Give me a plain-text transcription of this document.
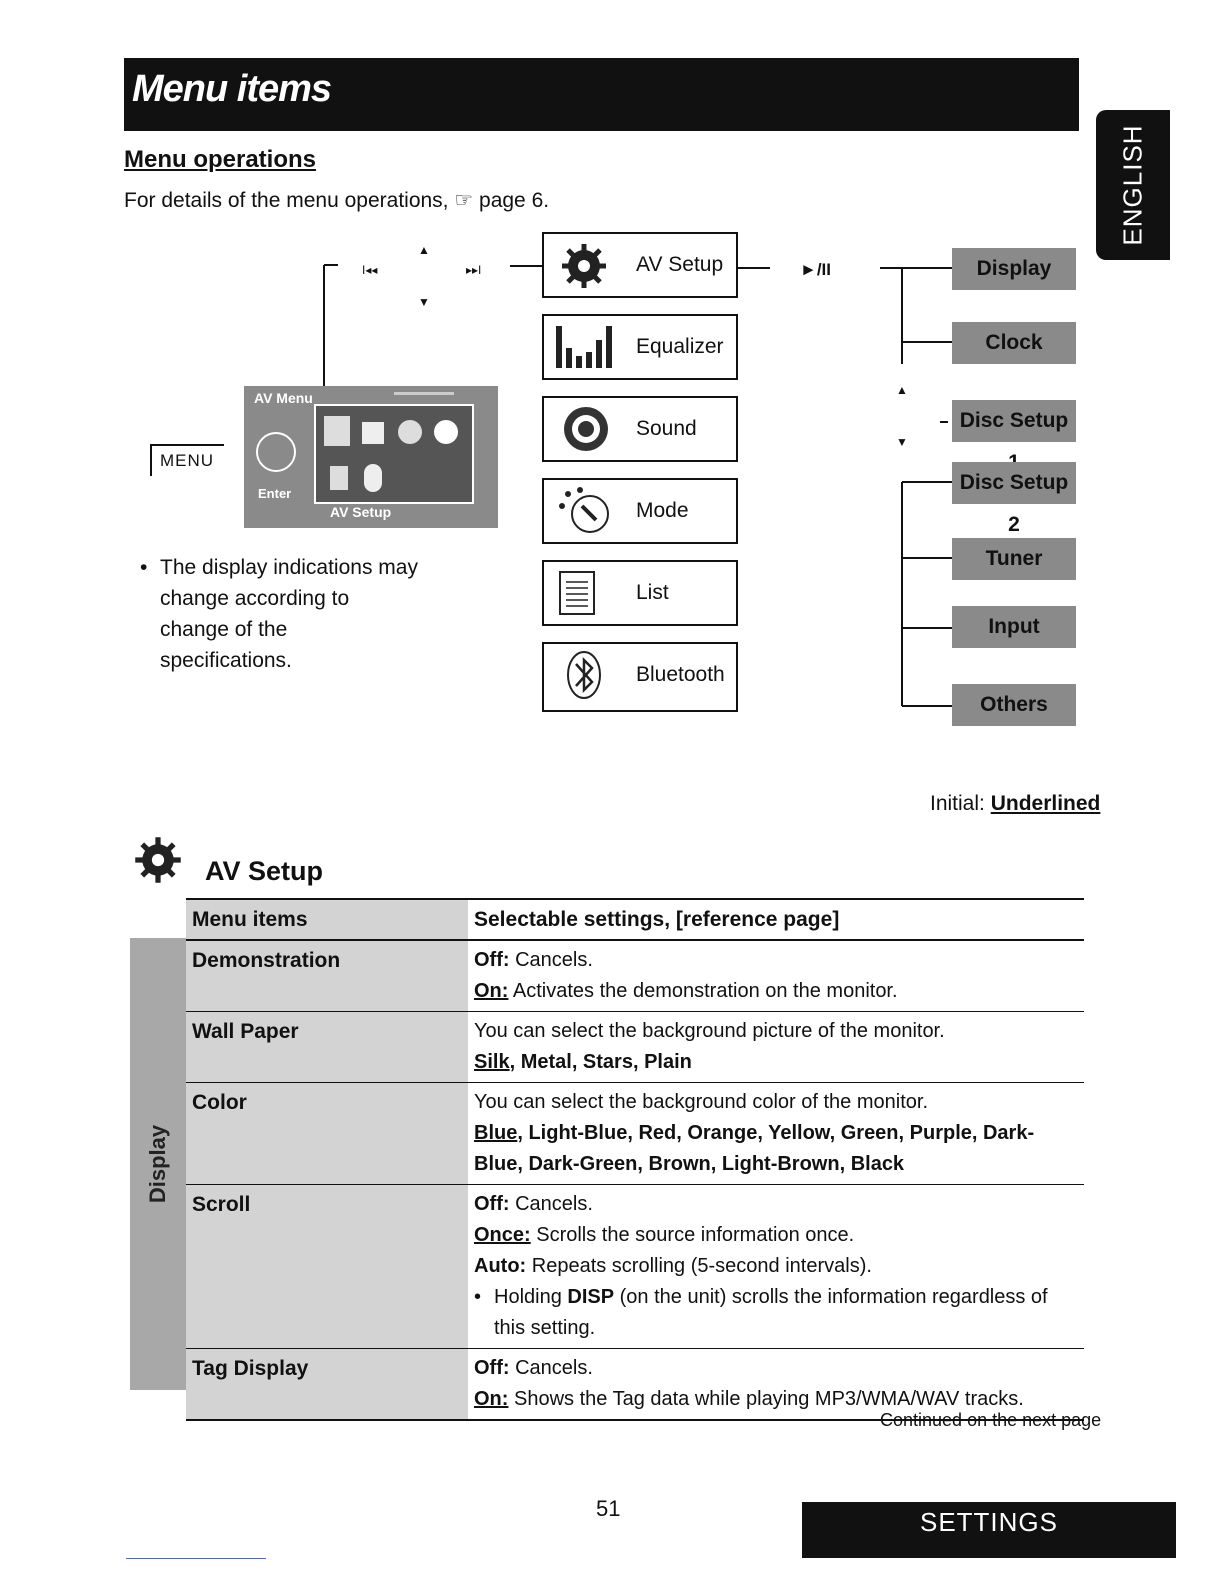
Menu items
ENGLISH
Menu operations
For details of the menu operations, ☞ page 6.
▲
▼
I◂◂	▸▸I
▲
▼
►/II
MENU
AV Menu
Enter
AV Setup
• The display indications may change according to change of the specifications.
AV Setup
Equalizer
Sound
Mode
List
Bluetooth
Display
Clock
Disc Setup
Disc Setup 2
Tuner
Input
Others
Initial: Underlined
AV Setup
Display
Menu items	Selectable settings, [reference page]
Demonstration	Off: Cancels.
On: Activates the demonstration on the monitor.

Wall Paper	You can select the background picture of the monitor.
Silk, Metal, Stars, Plain

Color	You can select the background color of the monitor.
Blue, Light-Blue, Red, Orange, Yellow, Green, Purple, Dark-Blue, Dark-Green, Brown, Light-Brown, Black

Scroll	Off: Cancels.
Once: Scrolls the source information once.
Auto: Repeats scrolling (5-second intervals).
• Holding DISP (on the unit) scrolls the information regardless of this setting.

Tag Display	Off: Cancels.
On: Shows the Tag data while playing MP3/WMA/WAV tracks.
Continued on the next page
51	SETTINGS
